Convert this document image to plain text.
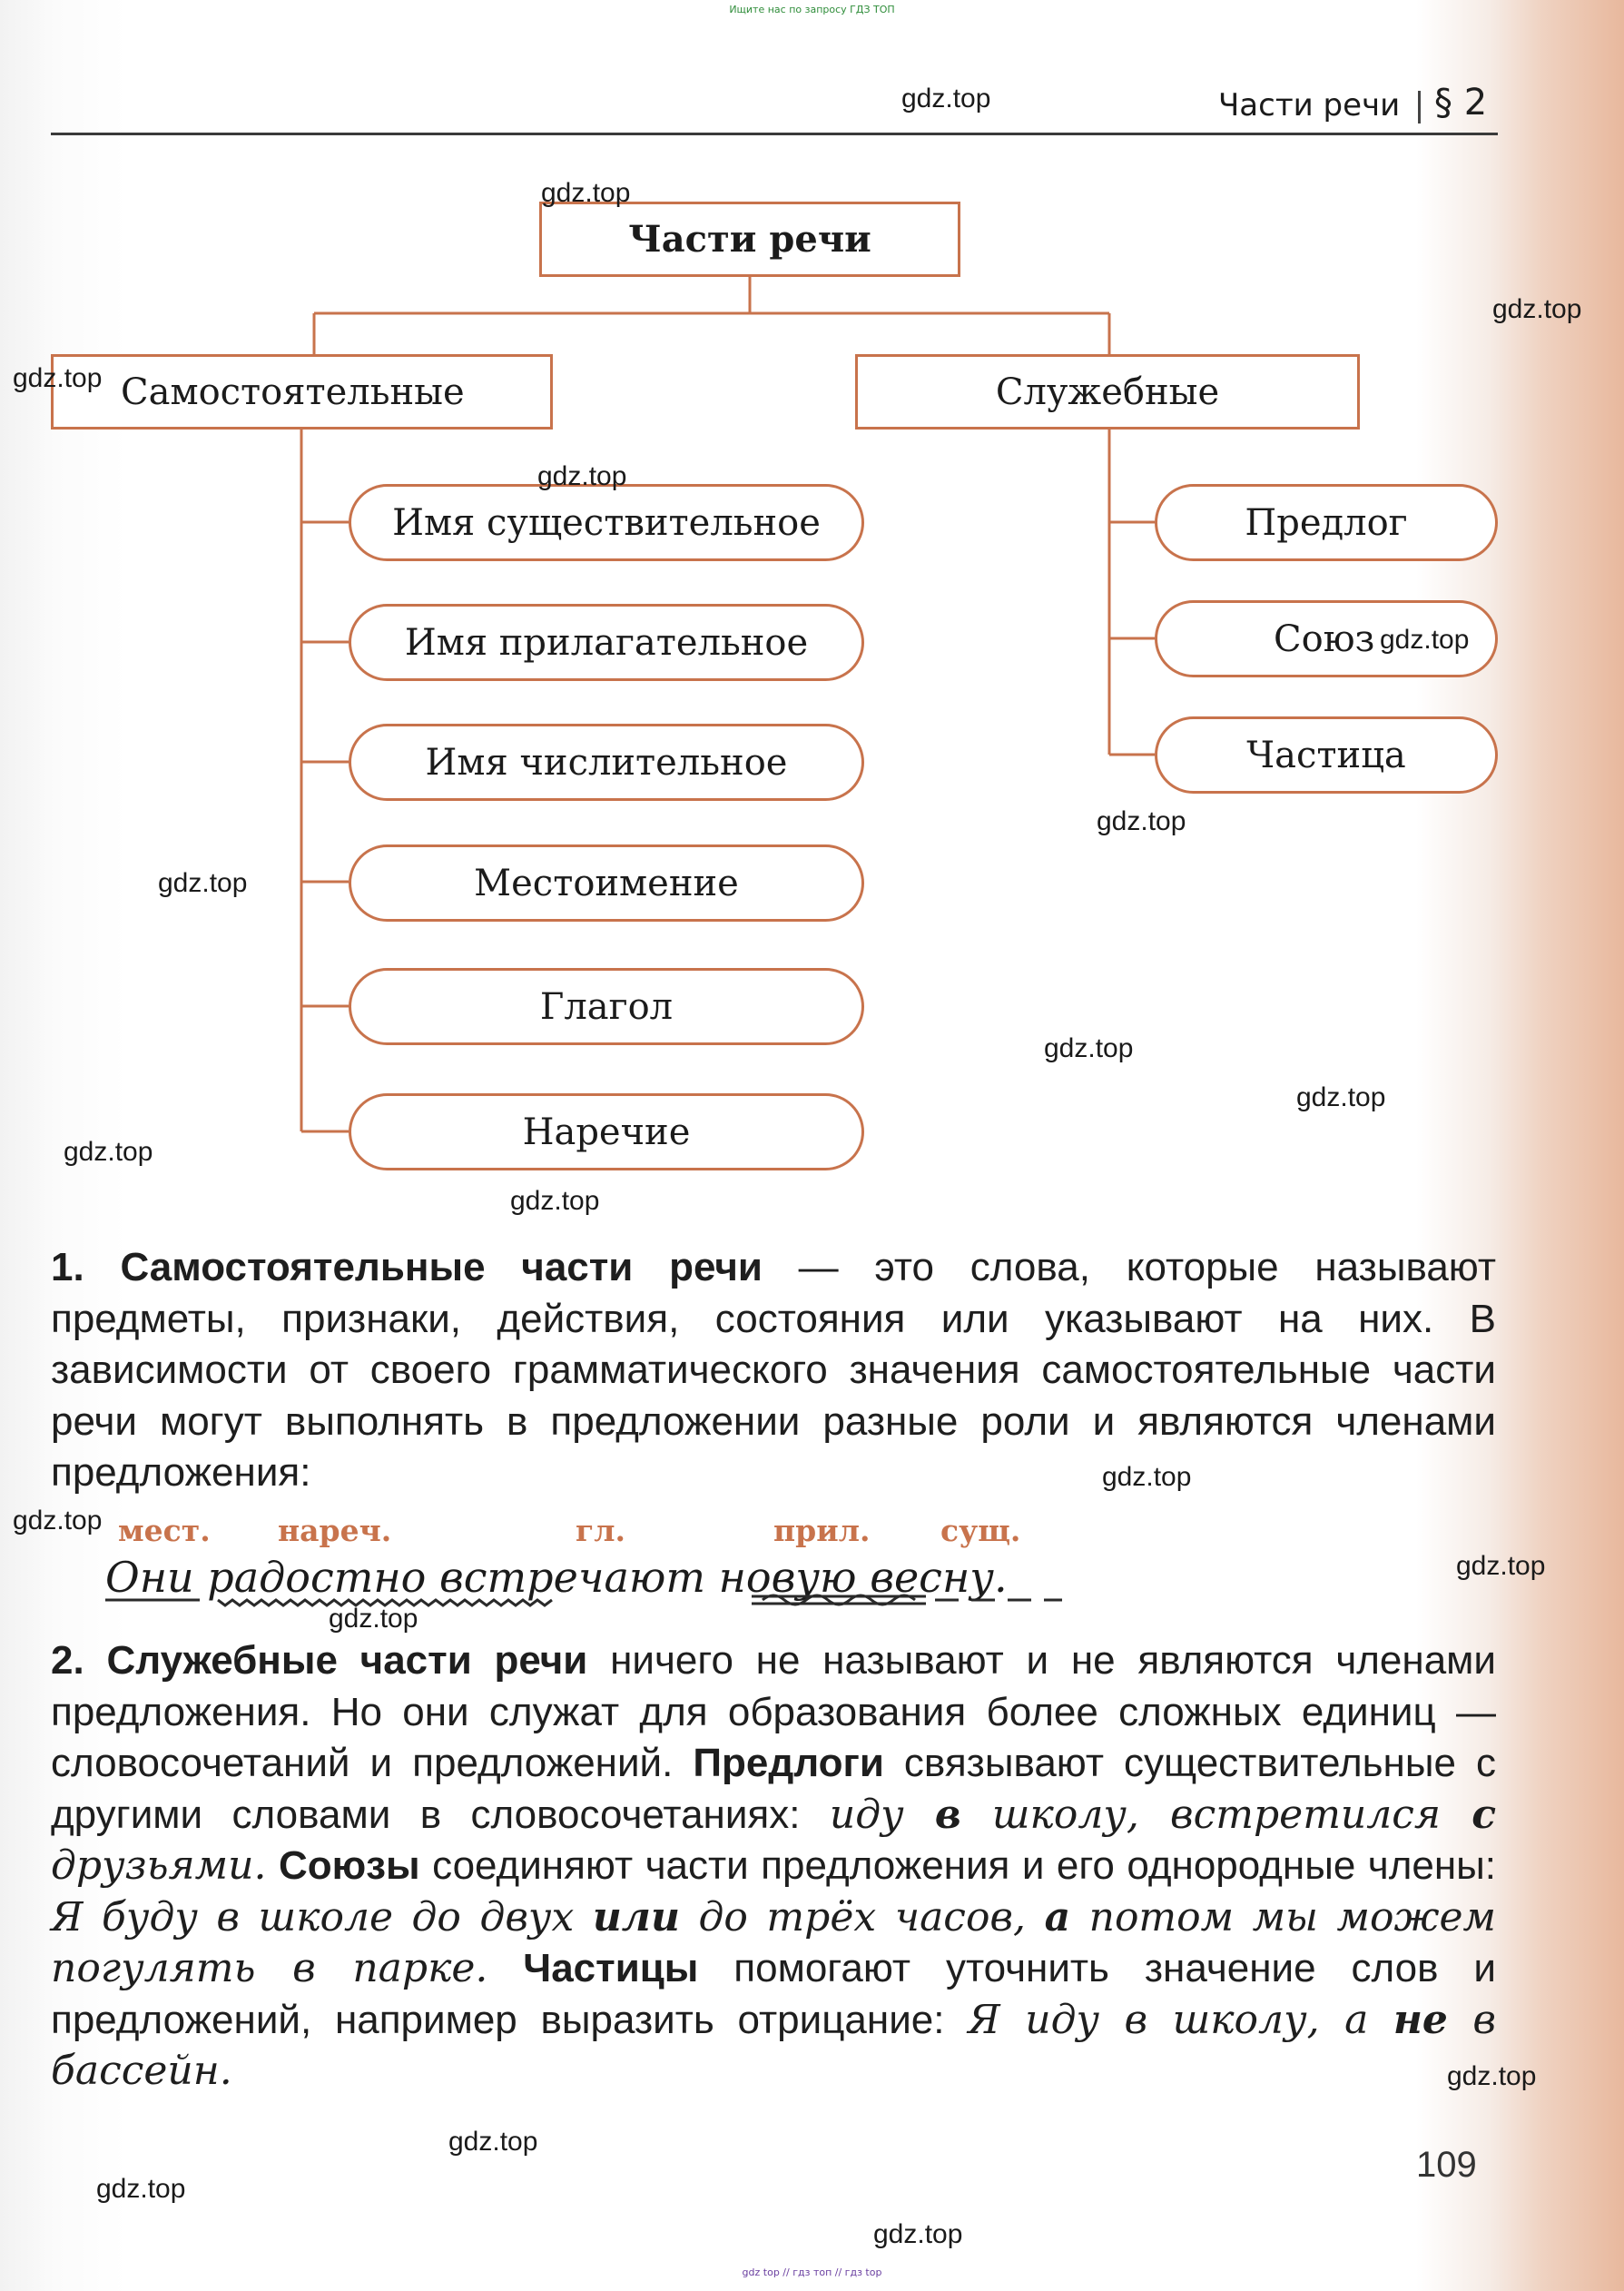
Ищите нас по запросу ГДЗ ТОП
Части речи § 2
Части речи
Самостоятельные	Служебные
Имя существительное
Имя прилагательное
Имя числительное
Местоимение
Глагол
Наречие
Предлог
Союз
Частица
1. Самостоятельные части речи — это слова, которые называют предметы, признаки, действия, состояния или указывают на них. В зависимости от своего грамматического значения самостоятельные части речи могут выполнять в предложении разные роли и являются членами предложения:
мест. нареч.	гл.	прил. сущ.
Они радостно встречают новую весну.
2. Служебные части речи ничего не называют и не являются членами предложения. Но они служат для образования более сложных единиц — словосочетаний и предложений. Предлоги связывают существительные с другими словами в словосочетаниях: иду в школу, встретился с друзьями. Союзы соединяют части предложения и его однородные члены: Я буду в школе до двух или до трёх часов, а потом мы можем погулять в парке. Частицы помогают уточнить значение слов и предложений, например выразить отрицание: Я иду в школу, а не в бассейн.
109
gdz.top
gdz.top
gdz.top
gdz.top
gdz.top
gdz.top
gdz.top
gdz.top
gdz.top
gdz.top
gdz.top
gdz.top
gdz.top
gdz.top
gdz.top
gdz.top
gdz.top
gdz.top
gdz.top
gdz.top
gdz top // гдз топ // гдз top
